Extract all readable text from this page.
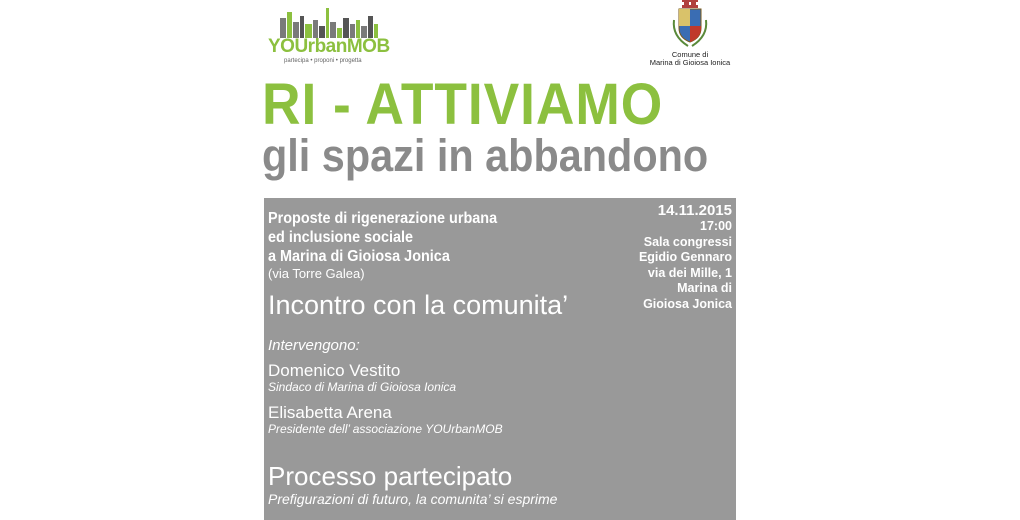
YOUrbanMOB
partecipa • proponi • progetta
Comune di
Marina di Gioiosa Ionica
RI - ATTIVIAMO
gli spazi in abbandono
Proposte di rigenerazione urbana
ed inclusione sociale
a Marina di Gioiosa Jonica
(via Torre Galea)
14.11.2015
17:00
Sala congressi
Egidio Gennaro
via dei Mille, 1
Marina di
Gioiosa Jonica
Incontro con la comunita’
Intervengono:
Domenico Vestito
Sindaco di Marina di Gioiosa Ionica
Elisabetta Arena
Presidente dell’ associazione YOUrbanMOB
Processo partecipato
Prefigurazioni di futuro, la comunita’ si esprime
